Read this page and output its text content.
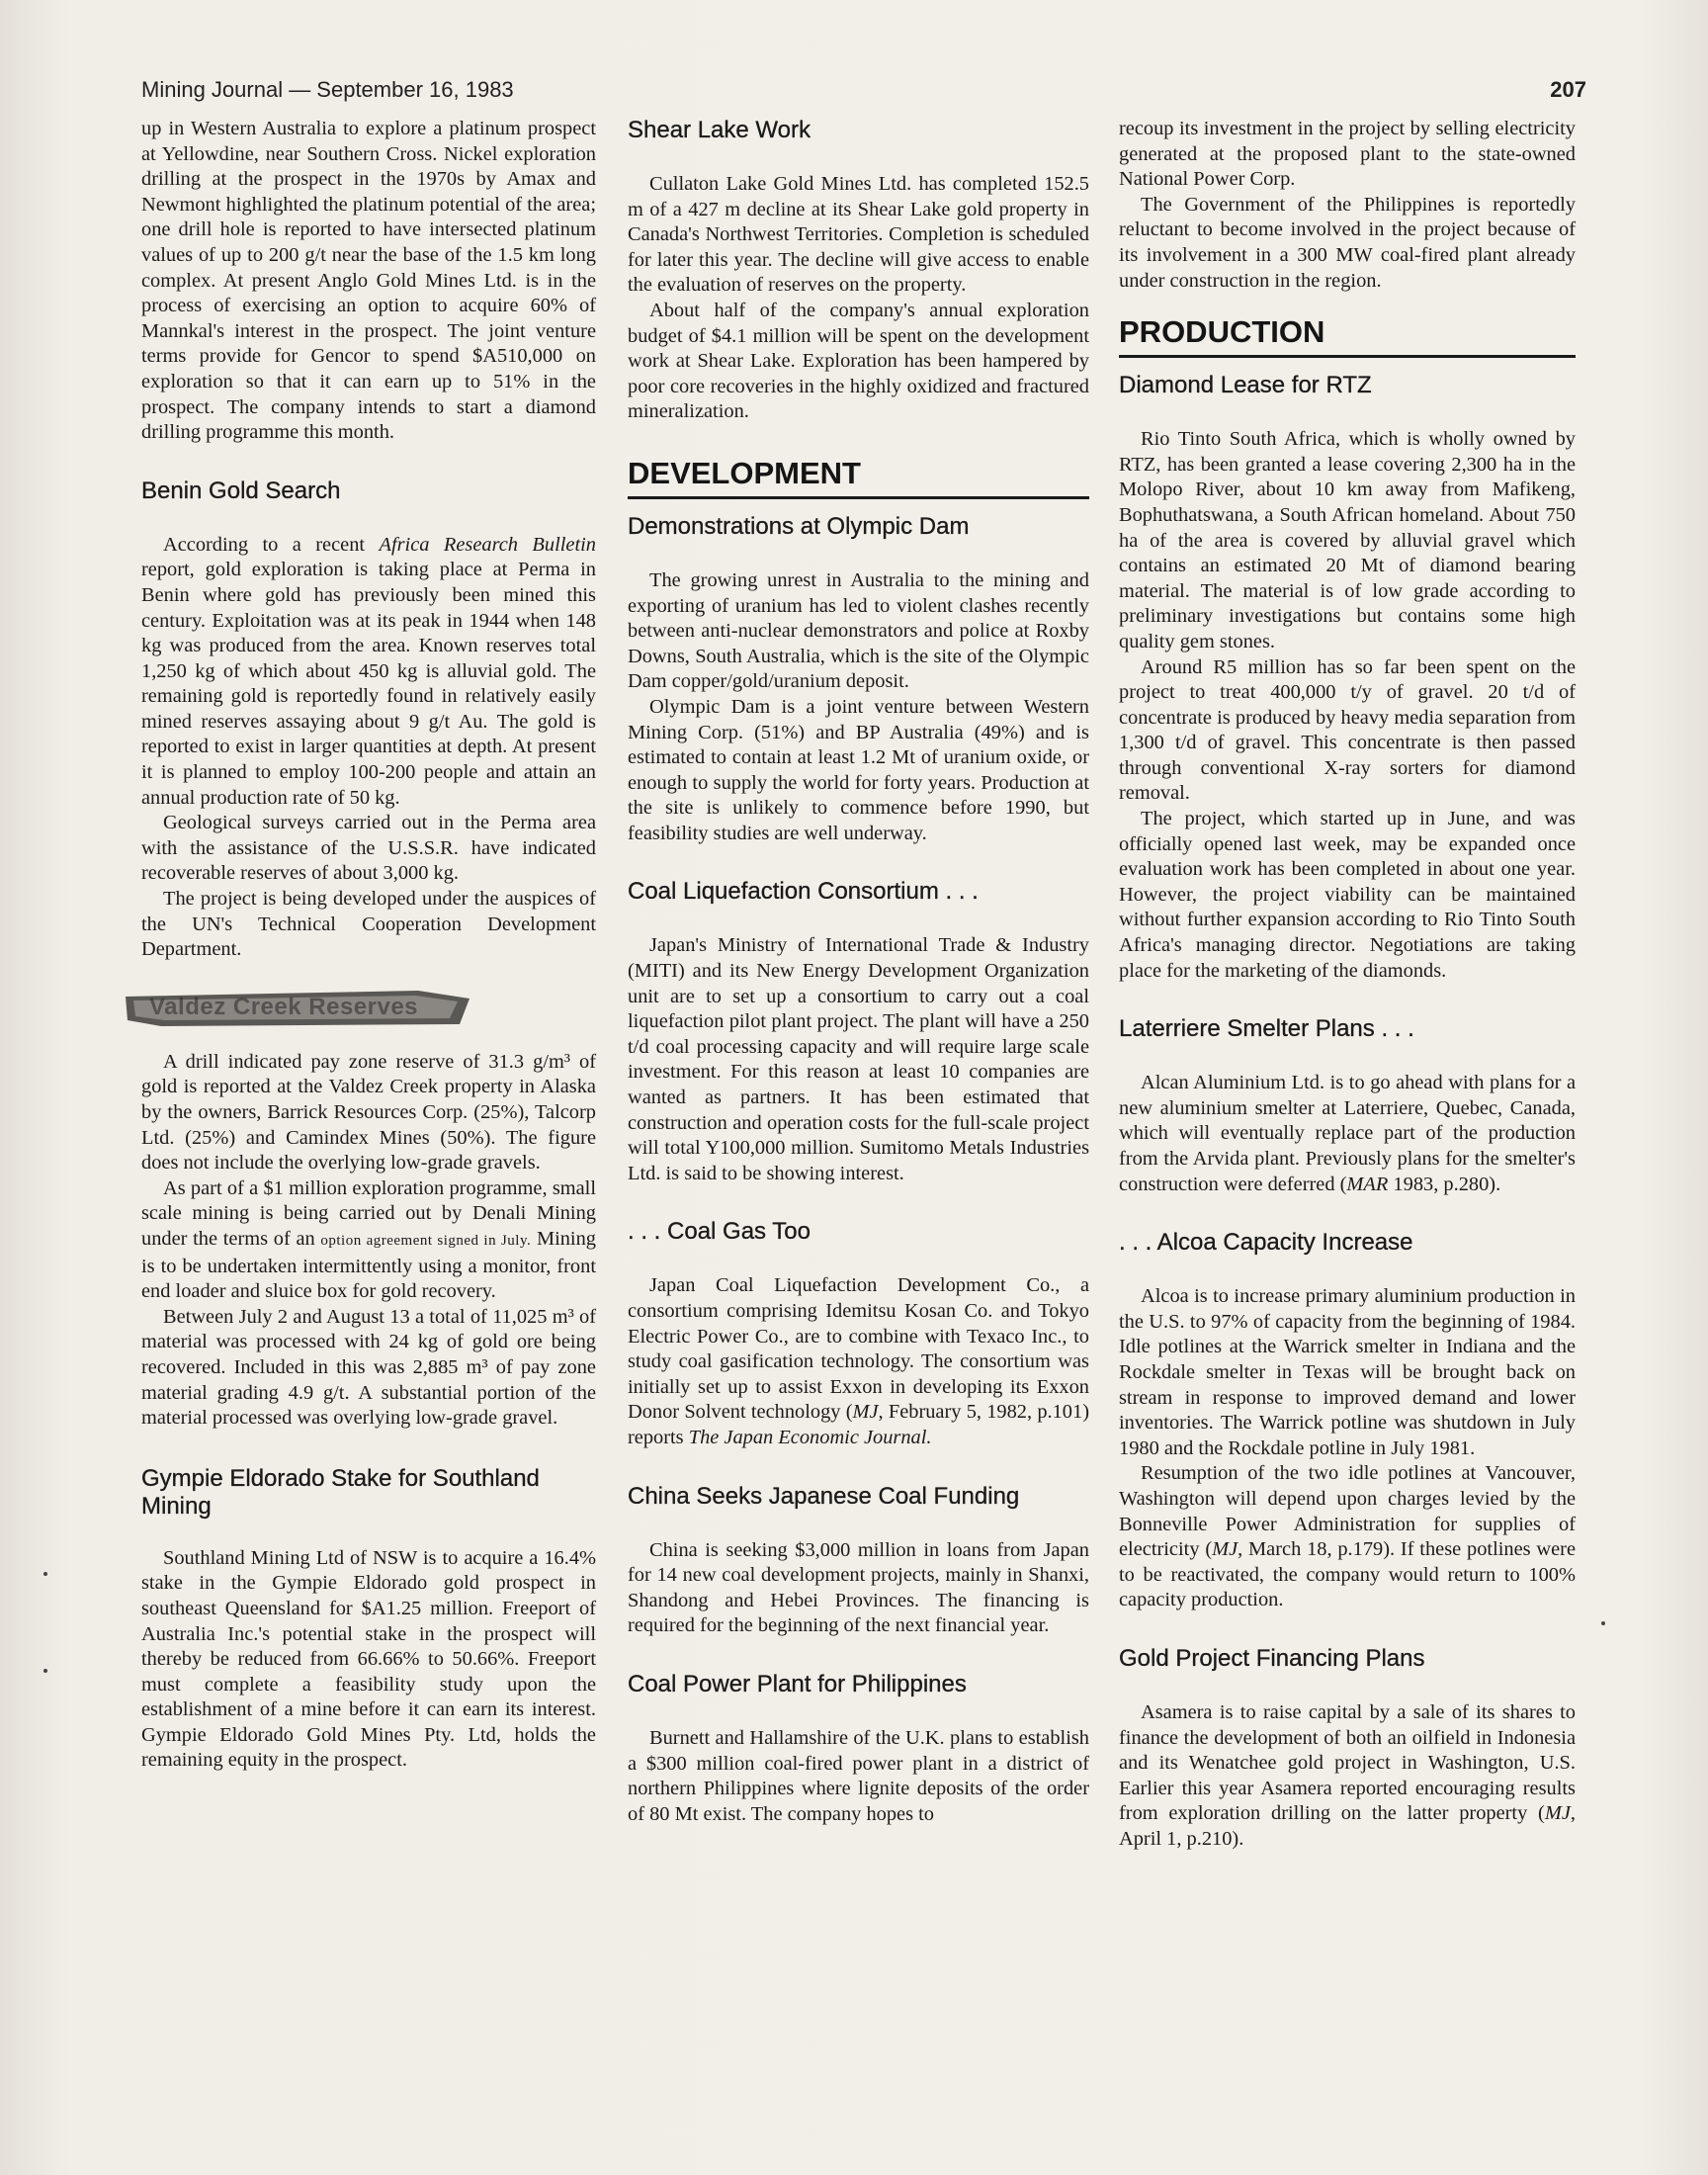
Mining Journal — September 16, 1983	207

up in Western Australia to explore a platinum prospect at Yellowdine, near Southern Cross. Nickel exploration drilling at the prospect in the 1970s by Amax and Newmont highlighted the platinum potential of the area; one drill hole is reported to have intersected platinum values of up to 200 g/t near the base of the 1.5 km long complex. At present Anglo Gold Mines Ltd. is in the process of exercising an option to acquire 60% of Mannkal's interest in the prospect. The joint venture terms provide for Gencor to spend $A510,000 on exploration so that it can earn up to 51% in the prospect. The company intends to start a diamond drilling programme this month.

Benin Gold Search

According to a recent Africa Research Bulletin report, gold exploration is taking place at Perma in Benin where gold has previously been mined this century. Exploitation was at its peak in 1944 when 148 kg was produced from the area. Known reserves total 1,250 kg of which about 450 kg is alluvial gold. The remaining gold is reportedly found in relatively easily mined reserves assaying about 9 g/t Au. The gold is reported to exist in larger quantities at depth. At present it is planned to employ 100-200 people and attain an annual production rate of 50 kg.

Geological surveys carried out in the Perma area with the assistance of the U.S.S.R. have indicated recoverable reserves of about 3,000 kg.

The project is being developed under the auspices of the UN's Technical Cooperation Development Department.

Valdez Creek Reserves

A drill indicated pay zone reserve of 31.3 g/m³ of gold is reported at the Valdez Creek property in Alaska by the owners, Barrick Resources Corp. (25%), Talcorp Ltd. (25%) and Camindex Mines (50%). The figure does not include the overlying low-grade gravels.

As part of a $1 million exploration programme, small scale mining is being carried out by Denali Mining under the terms of an option agreement signed in July. Mining is to be undertaken intermittently using a monitor, front end loader and sluice box for gold recovery.

Between July 2 and August 13 a total of 11,025 m³ of material was processed with 24 kg of gold ore being recovered. Included in this was 2,885 m³ of pay zone material grading 4.9 g/t. A substantial portion of the material processed was overlying low-grade gravel.

Gympie Eldorado Stake for Southland Mining

Southland Mining Ltd of NSW is to acquire a 16.4% stake in the Gympie Eldorado gold prospect in southeast Queensland for $A1.25 million. Freeport of Australia Inc.'s potential stake in the prospect will thereby be reduced from 66.66% to 50.66%. Freeport must complete a feasibility study upon the establishment of a mine before it can earn its interest. Gympie Eldorado Gold Mines Pty. Ltd, holds the remaining equity in the prospect.

Shear Lake Work

Cullaton Lake Gold Mines Ltd. has completed 152.5 m of a 427 m decline at its Shear Lake gold property in Canada's Northwest Territories. Completion is scheduled for later this year. The decline will give access to enable the evaluation of reserves on the property.

About half of the company's annual exploration budget of $4.1 million will be spent on the development work at Shear Lake. Exploration has been hampered by poor core recoveries in the highly oxidized and fractured mineralization.

DEVELOPMENT
Demonstrations at Olympic Dam

The growing unrest in Australia to the mining and exporting of uranium has led to violent clashes recently between anti-nuclear demonstrators and police at Roxby Downs, South Australia, which is the site of the Olympic Dam copper/gold/uranium deposit.

Olympic Dam is a joint venture between Western Mining Corp. (51%) and BP Australia (49%) and is estimated to contain at least 1.2 Mt of uranium oxide, or enough to supply the world for forty years. Production at the site is unlikely to commence before 1990, but feasibility studies are well underway.

Coal Liquefaction Consortium . . .

Japan's Ministry of International Trade & Industry (MITI) and its New Energy Development Organization unit are to set up a consortium to carry out a coal liquefaction pilot plant project. The plant will have a 250 t/d coal processing capacity and will require large scale investment. For this reason at least 10 companies are wanted as partners. It has been estimated that construction and operation costs for the full-scale project will total Y100,000 million. Sumitomo Metals Industries Ltd. is said to be showing interest.

. . . Coal Gas Too

Japan Coal Liquefaction Development Co., a consortium comprising Idemitsu Kosan Co. and Tokyo Electric Power Co., are to combine with Texaco Inc., to study coal gasification technology. The consortium was initially set up to assist Exxon in developing its Exxon Donor Solvent technology (MJ, February 5, 1982, p.101) reports The Japan Economic Journal.

China Seeks Japanese Coal Funding

China is seeking $3,000 million in loans from Japan for 14 new coal development projects, mainly in Shanxi, Shandong and Hebei Provinces. The financing is required for the beginning of the next financial year.

Coal Power Plant for Philippines

Burnett and Hallamshire of the U.K. plans to establish a $300 million coal-fired power plant in a district of northern Philippines where lignite deposits of the order of 80 Mt exist. The company hopes to

recoup its investment in the project by selling electricity generated at the proposed plant to the state-owned National Power Corp.

The Government of the Philippines is reportedly reluctant to become involved in the project because of its involvement in a 300 MW coal-fired plant already under construction in the region.

PRODUCTION
Diamond Lease for RTZ

Rio Tinto South Africa, which is wholly owned by RTZ, has been granted a lease covering 2,300 ha in the Molopo River, about 10 km away from Mafikeng, Bophuthatswana, a South African homeland. About 750 ha of the area is covered by alluvial gravel which contains an estimated 20 Mt of diamond bearing material. The material is of low grade according to preliminary investigations but contains some high quality gem stones.

Around R5 million has so far been spent on the project to treat 400,000 t/y of gravel. 20 t/d of concentrate is produced by heavy media separation from 1,300 t/d of gravel. This concentrate is then passed through conventional X-ray sorters for diamond removal.

The project, which started up in June, and was officially opened last week, may be expanded once evaluation work has been completed in about one year. However, the project viability can be maintained without further expansion according to Rio Tinto South Africa's managing director. Negotiations are taking place for the marketing of the diamonds.

Laterriere Smelter Plans . . .

Alcan Aluminium Ltd. is to go ahead with plans for a new aluminium smelter at Laterriere, Quebec, Canada, which will eventually replace part of the production from the Arvida plant. Previously plans for the smelter's construction were deferred (MAR 1983, p.280).

. . . Alcoa Capacity Increase

Alcoa is to increase primary aluminium production in the U.S. to 97% of capacity from the beginning of 1984. Idle potlines at the Warrick smelter in Indiana and the Rockdale smelter in Texas will be brought back on stream in response to improved demand and lower inventories. The Warrick potline was shutdown in July 1980 and the Rockdale potline in July 1981.

Resumption of the two idle potlines at Vancouver, Washington will depend upon charges levied by the Bonneville Power Administration for supplies of electricity (MJ, March 18, p.179). If these potlines were to be reactivated, the company would return to 100% capacity production.

Gold Project Financing Plans

Asamera is to raise capital by a sale of its shares to finance the development of both an oilfield in Indonesia and its Wenatchee gold project in Washington, U.S. Earlier this year Asamera reported encouraging results from exploration drilling on the latter property (MJ, April 1, p.210).
